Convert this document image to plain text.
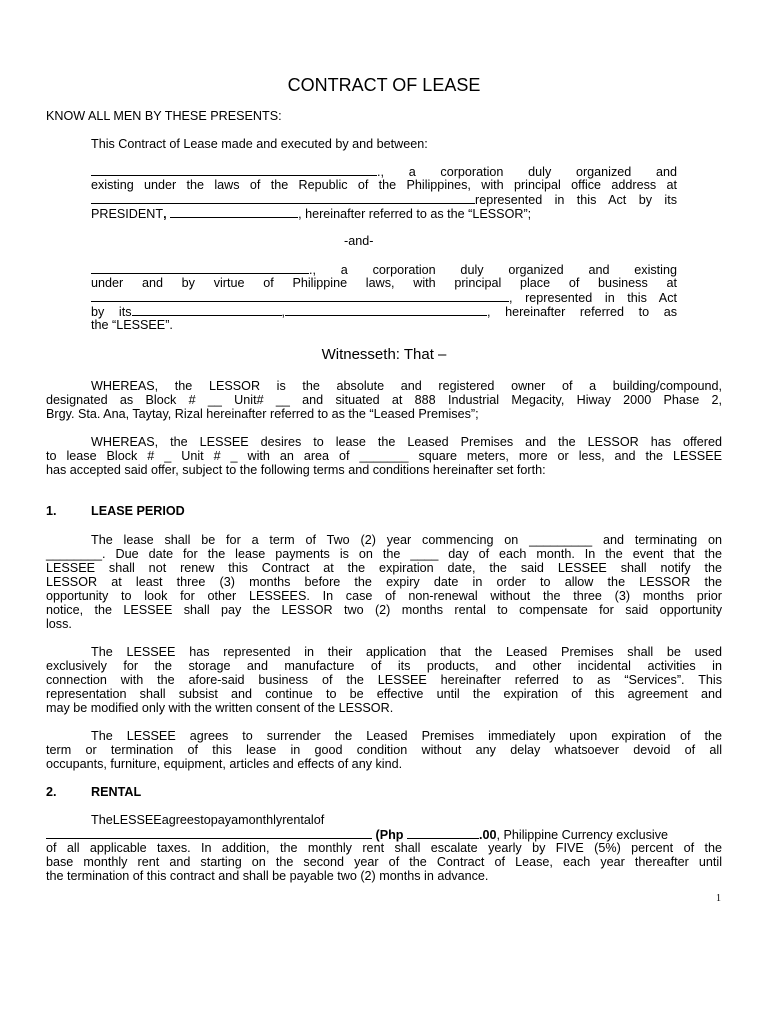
CONTRACT OF LEASE
KNOW ALL MEN BY THESE PRESENTS:
This Contract of Lease made and executed by and between:
., a corporation duly organized and
existing under the laws of the Republic of the Philippines, with principal office address at
represented in this Act by its
PRESIDENT,	, hereinafter referred to as the “LESSOR”;
-and-
., a corporation duly organized and existing
under and by virtue of Philippine laws, with principal place of business at
, represented in this Act
by its	,	, hereinafter referred to as
the “LESSEE”.
Witnesseth: That –
WHEREAS, the LESSOR is the absolute and registered owner of a building/compound,
designated as Block # __ Unit# __ and situated at 888 Industrial Megacity, Hiway 2000 Phase 2,
Brgy. Sta. Ana, Taytay, Rizal hereinafter referred to as the “Leased Premises”;
WHEREAS, the LESSEE desires to lease the Leased Premises and the LESSOR has offered
to lease Block # _ Unit # _ with an area of _______ square meters, more or less, and the LESSEE
has accepted said offer, subject to the following terms and conditions hereinafter set forth:
1.	LEASE PERIOD
The lease shall be for a term of Two (2) year commencing on _________ and terminating on
________. Due date for the lease payments is on the ____ day of each month. In the event that the
LESSEE shall not renew this Contract at the expiration date, the said LESSEE shall notify the
LESSOR at least three (3) months before the expiry date in order to allow the LESSOR the
opportunity to look for other LESSEES. In case of non-renewal without the three (3) months prior
notice, the LESSEE shall pay the LESSOR two (2) months rental to compensate for said opportunity
loss.
The LESSEE has represented in their application that the Leased Premises shall be used
exclusively for the storage and manufacture of its products, and other incidental activities in
connection with the afore-said business of the LESSEE hereinafter referred to as “Services”. This
representation shall subsist and continue to be effective until the expiration of this agreement and
may be modified only with the written consent of the LESSOR.
The LESSEE agrees to surrender the Leased Premises immediately upon expiration of the
term or termination of this lease in good condition without any delay whatsoever devoid of all
occupants, furniture, equipment, articles and effects of any kind.
2.	RENTAL
TheLESSEEagreestopayamonthlyrentalof
(Php	.00, Philippine Currency exclusive
of all applicable taxes. In addition, the monthly rent shall escalate yearly by FIVE (5%) percent of the
base monthly rent and starting on the second year of the Contract of Lease, each year thereafter until
the termination of this contract and shall be payable two (2) months in advance.
1
